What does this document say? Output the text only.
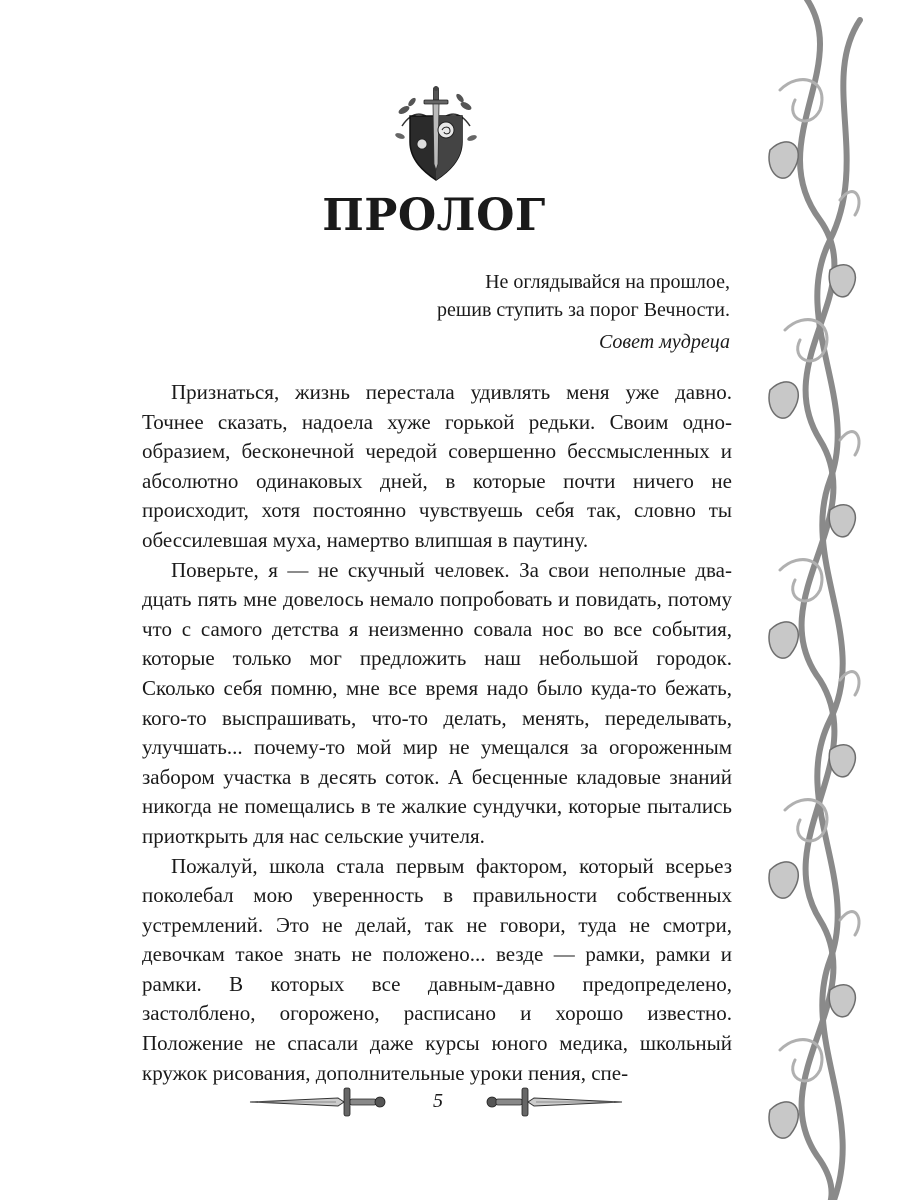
ПРОЛОГ
Не оглядывайся на прошлое,
решив ступить за порог Вечности.
Совет мудреца

Признаться, жизнь перестала удивлять меня уже давно. Точнее сказать, надоела хуже горькой редьки. Своим однообразием, бесконечной чередой совершенно бессмысленных и абсолютно одинаковых дней, в которые почти ничего не происходит, хотя постоянно чувствуешь себя так, словно ты обессилевшая муха, намертво влипшая в паутину.

Поверьте, я — не скучный человек. За свои неполные двадцать пять мне довелось немало попробовать и повидать, потому что с самого детства я неизменно совала нос во все события, которые только мог предложить наш небольшой городок. Сколько себя помню, мне все время надо было куда-то бежать, кого-то выспрашивать, что-то делать, менять, переделывать, улучшать... почему-то мой мир не умещался за огороженным забором участка в десять соток. А бесценные кладовые знаний никогда не помещались в те жалкие сундучки, которые пытались приоткрыть для нас сельские учителя.

Пожалуй, школа стала первым фактором, который всерьез поколебал мою уверенность в правильности собственных устремлений. Это не делай, так не говори, туда не смотри, девочкам такое знать не положено... везде — рамки, рамки и рамки. В которых все давным-давно предопределено, застолблено, огорожено, расписано и хорошо известно. Положение не спасали даже курсы юного медика, школьный кружок рисования, дополнительные уроки пения, спе-

5
